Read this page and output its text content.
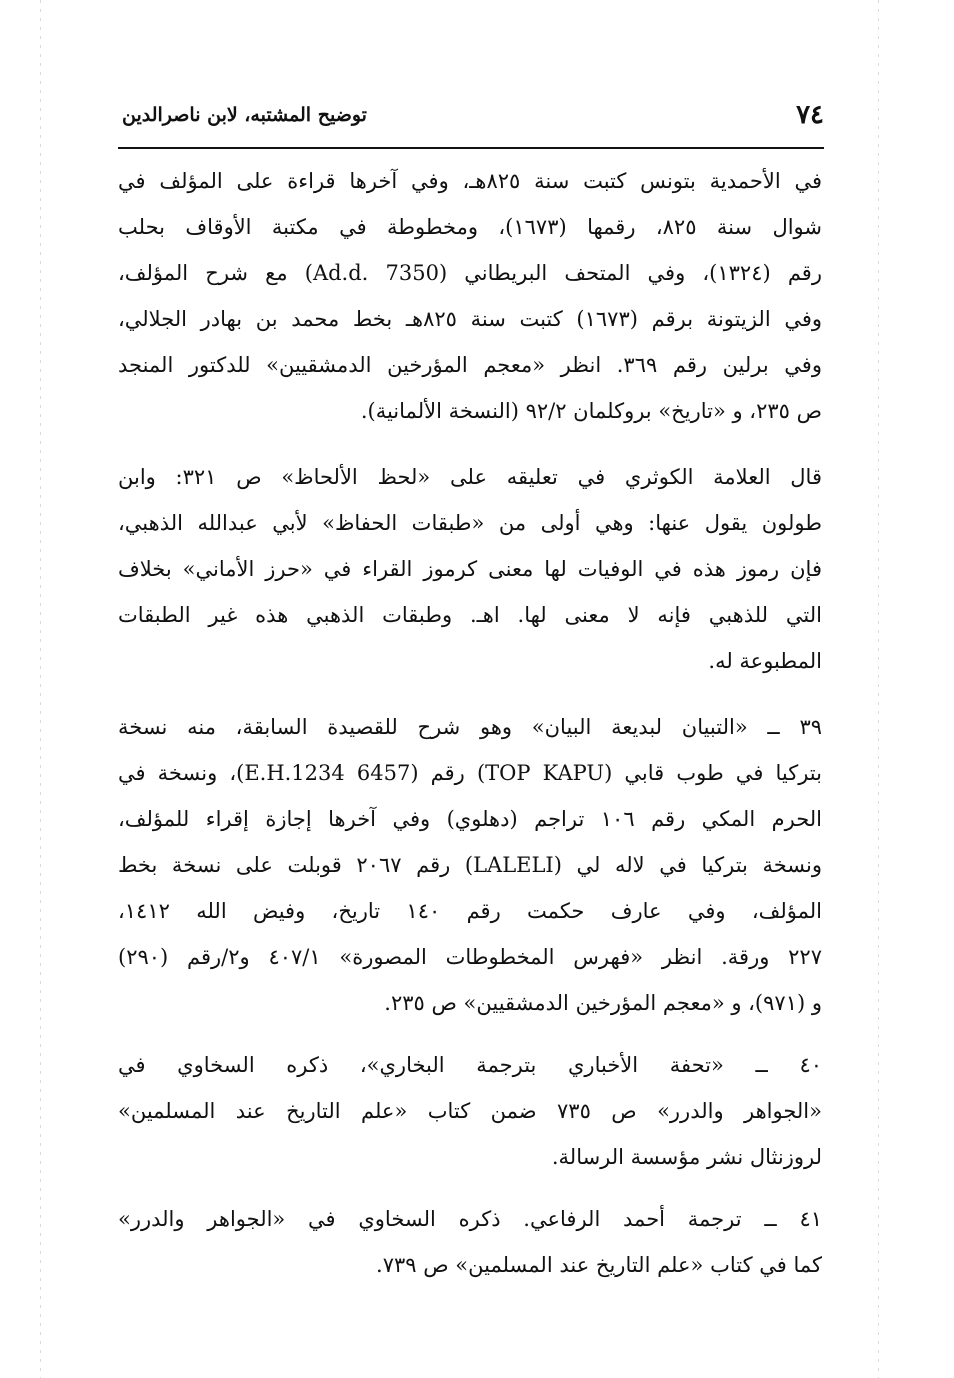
٧٤
توضيح المشتبه، لابن ناصرالدين
في الأحمدية بتونس كتبت سنة ٨٢٥هـ، وفي آخرها قراءة على المؤلف في
شوال سنة ٨٢٥، رقمها (١٦٧٣)، ومخطوطة في مكتبة الأوقاف بحلب
رقم (١٣٢٤)، وفي المتحف البريطاني (Ad.d. 7350) مع شرح المؤلف،
وفي الزيتونة برقم (١٦٧٣) كتبت سنة ٨٢٥هـ بخط محمد بن بهادر الجلالي،
وفي برلين رقم ٣٦٩. انظر «معجم المؤرخين الدمشقيين» للدكتور المنجد
ص ٢٣٥، و «تاريخ» بروكلمان ٩٢/٢ (النسخة الألمانية).
قال العلامة الكوثري في تعليقه على «لحظ الألحاظ» ص ٣٢١: وابن
طولون يقول عنها: وهي أولى من «طبقات الحفاظ» لأبي عبدالله الذهبي،
فإن رموز هذه في الوفيات لها معنى كرموز القراء في «حرز الأماني» بخلاف
التي للذهبي فإنه لا معنى لها. اهـ. وطبقات الذهبي هذه غير الطبقات
المطبوعة له.
٣٩ ــ «التبيان لبديعة البيان» وهو شرح للقصيدة السابقة، منه نسخة
بتركيا في طوب قابي (TOP KAPU) رقم (6457 E.H.1234)، ونسخة في
الحرم المكي رقم ١٠٦ تراجم (دهلوي) وفي آخرها إجازة إقراء للمؤلف،
ونسخة بتركيا في لاله لي (LALELI) رقم ٢٠٦٧ قوبلت على نسخة بخط
المؤلف، وفي عارف حكمت رقم ١٤٠ تاريخ، وفيض الله ١٤١٢،
٢٢٧ ورقة. انظر «فهرس المخطوطات المصورة» ٤٠٧/١ و٢/رقم (٢٩٠)
و (٩٧١)، و «معجم المؤرخين الدمشقيين» ص ٢٣٥.
٤٠ ــ «تحفة الأخباري بترجمة البخاري»، ذكره السخاوي في
«الجواهر والدرر» ص ٧٣٥ ضمن كتاب «علم التاريخ عند المسلمين»
لروزنثال نشر مؤسسة الرسالة.
٤١ ــ ترجمة أحمد الرفاعي. ذكره السخاوي في «الجواهر والدرر»
كما في كتاب «علم التاريخ عند المسلمين» ص ٧٣٩.
